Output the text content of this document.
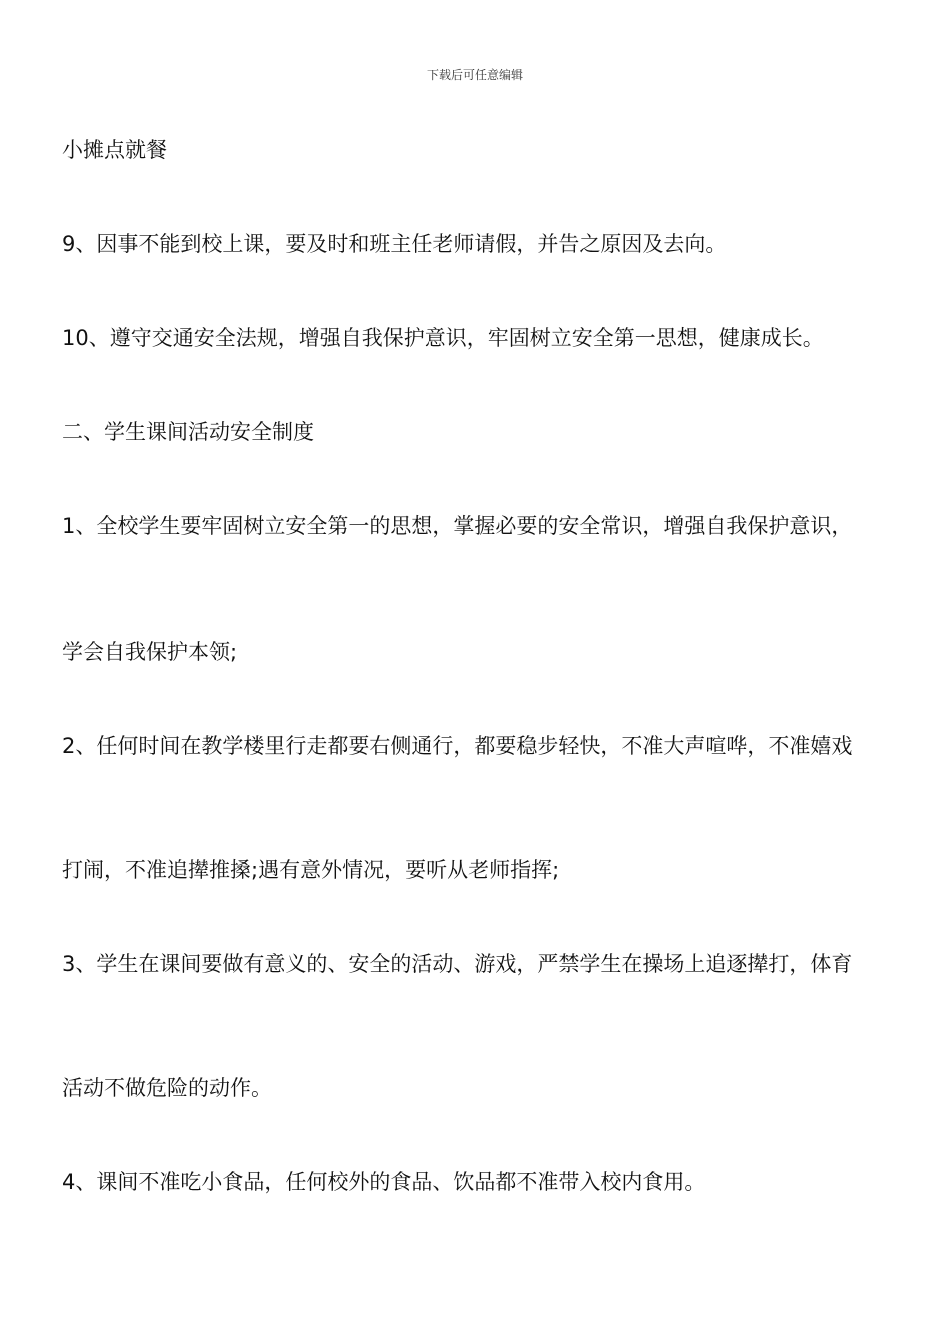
下载后可任意编辑
小摊点就餐
9、因事不能到校上课，要及时和班主任老师请假，并告之原因及去向。
10、遵守交通安全法规，增强自我保护意识，牢固树立安全第一思想，健康成长。
二、学生课间活动安全制度
1、全校学生要牢固树立安全第一的思想，掌握必要的安全常识，增强自我保护意识，
学会自我保护本领;
2、任何时间在教学楼里行走都要右侧通行，都要稳步轻快，不准大声喧哗，不准嬉戏
打闹，不准追撵推搡;遇有意外情况，要听从老师指挥;
3、学生在课间要做有意义的、安全的活动、游戏，严禁学生在操场上追逐撵打，体育
活动不做危险的动作。
4、课间不准吃小食品，任何校外的食品、饮品都不准带入校内食用。
